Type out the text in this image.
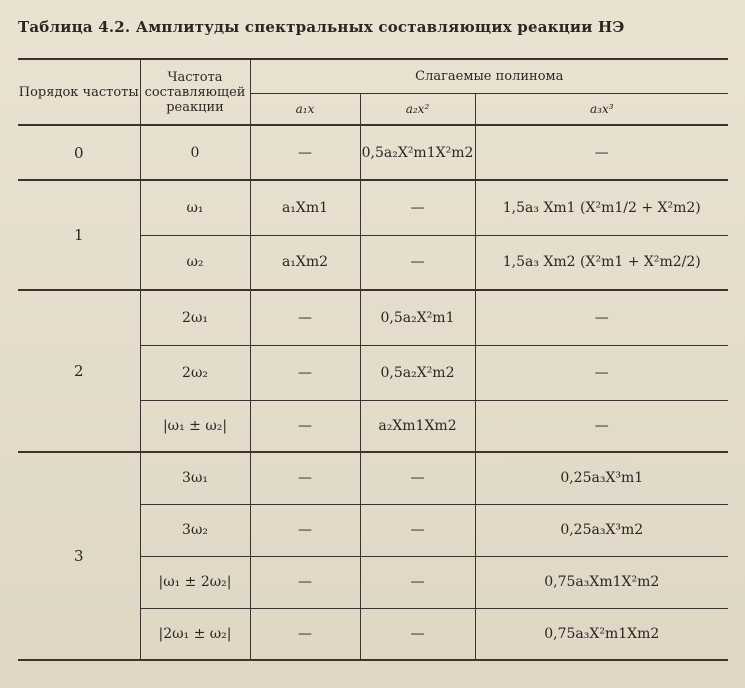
Таблица 4.2. Амплитуды спектральных составляющих реакции НЭ
Порядок частоты	Частота составляющей реакции	Слагаемые полинома		
		a₁x	a₂x²	a₃x³
0	0	—	0,5a₂X²m1X²m2	—
1	ω₁	a₁Xm1	—	1,5a₃ Xm1 (X²m1/2 + X²m2)
	ω₂	a₁Xm2	—	1,5a₃ Xm2 (X²m1 + X²m2/2)
2	2ω₁	—	0,5a₂X²m1	—
	2ω₂	—	0,5a₂X²m2	—
	|ω₁ ± ω₂|	—	a₂Xm1Xm2	—
3	3ω₁	—	—	0,25a₃X³m1
	3ω₂	—	—	0,25a₃X³m2
	|ω₁ ± 2ω₂|	—	—	0,75a₃Xm1X²m2
	|2ω₁ ± ω₂|	—	—	0,75a₃X²m1Xm2
